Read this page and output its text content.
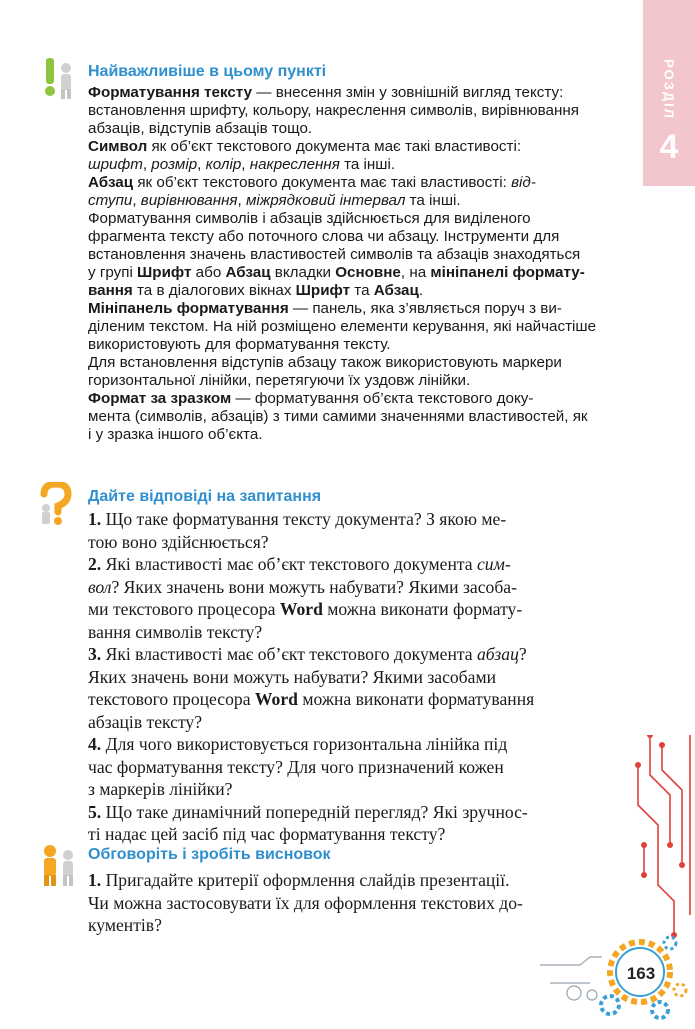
РОЗДІЛ
4
Найважливіше в цьому пункті
Форматування тексту — внесення змін у зовнішній вигляд тексту:
встановлення шрифту, кольору, накреслення символів, вирівнювання
абзаців, відступів абзаців тощо.
Символ як об’єкт текстового документа має такі властивості:
шрифт, розмір, колір, накреслення та інші.
Абзац як об’єкт текстового документа має такі властивості: від-
ступи, вирівнювання, міжрядковий інтервал та інші.
Форматування символів і абзаців здійснюється для виділеного
фрагмента тексту або поточного слова чи абзацу. Інструменти для
встановлення значень властивостей символів та абзаців знаходяться
у групі Шрифт або Абзац вкладки Основне, на мініпанелі формату-
вання та в діалогових вікнах Шрифт та Абзац.
Мініпанель форматування — панель, яка з’являється поруч з ви-
діленим текстом. На ній розміщено елементи керування, які найчастіше
використовують для форматування тексту.
Для встановлення відступів абзацу також використовують маркери
горизонтальної лінійки, перетягуючи їх уздовж лінійки.
Формат за зразком — форматування об’єкта текстового доку-
мента (символів, абзаців) з тими самими значеннями властивостей, як
і у зразка іншого об’єкта.
Дайте відповіді на запитання
1. Що таке форматування тексту документа? З якою ме-
тою воно здійснюється?
2. Які властивості має об’єкт текстового документа сим-
вол? Яких значень вони можуть набувати? Якими засоба-
ми текстового процесора Word можна виконати формату-
вання символів тексту?
3. Які властивості має об’єкт текстового документа абзац?
Яких значень вони можуть набувати? Якими засобами
текстового процесора Word можна виконати форматування
абзаців тексту?
4. Для чого використовується горизонтальна лінійка під
час форматування тексту? Для чого призначений кожен
з маркерів лінійки?
5. Що таке динамічний попередній перегляд? Які зручнос-
ті надає цей засіб під час форматування тексту?
Обговоріть і зробіть висновок
1. Пригадайте критерії оформлення слайдів презентації.
Чи можна застосовувати їх для оформлення текстових до-
кументів?
163
